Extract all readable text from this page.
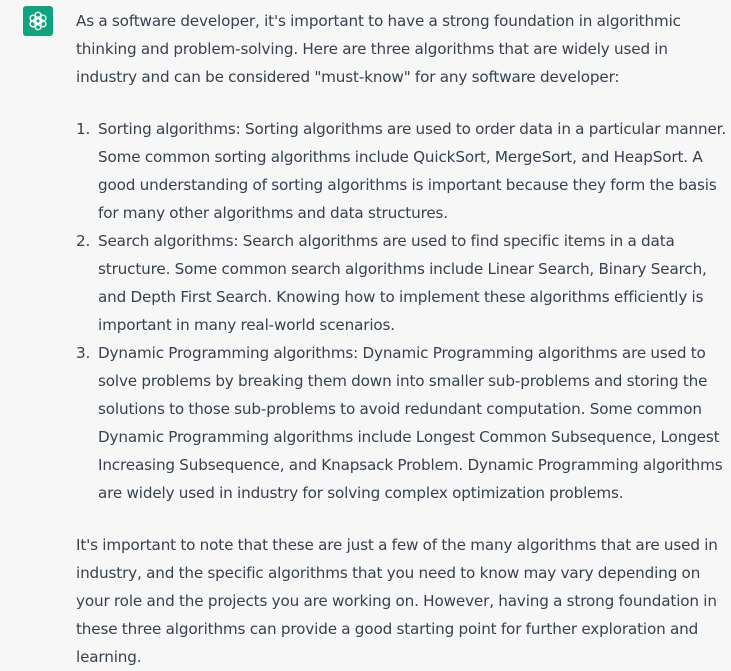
As a software developer, it's important to have a strong foundation in algorithmic thinking and problem-solving. Here are three algorithms that are widely used in industry and can be considered "must-know" for any software developer:

1. Sorting algorithms: Sorting algorithms are used to order data in a particular manner. Some common sorting algorithms include QuickSort, MergeSort, and HeapSort. A good understanding of sorting algorithms is important because they form the basis for many other algorithms and data structures.
2. Search algorithms: Search algorithms are used to find specific items in a data structure. Some common search algorithms include Linear Search, Binary Search, and Depth First Search. Knowing how to implement these algorithms efficiently is important in many real-world scenarios.
3. Dynamic Programming algorithms: Dynamic Programming algorithms are used to solve problems by breaking them down into smaller sub-problems and storing the solutions to those sub-problems to avoid redundant computation. Some common Dynamic Programming algorithms include Longest Common Subsequence, Longest Increasing Subsequence, and Knapsack Problem. Dynamic Programming algorithms are widely used in industry for solving complex optimization problems.

It's important to note that these are just a few of the many algorithms that are used in industry, and the specific algorithms that you need to know may vary depending on your role and the projects you are working on. However, having a strong foundation in these three algorithms can provide a good starting point for further exploration and learning.
